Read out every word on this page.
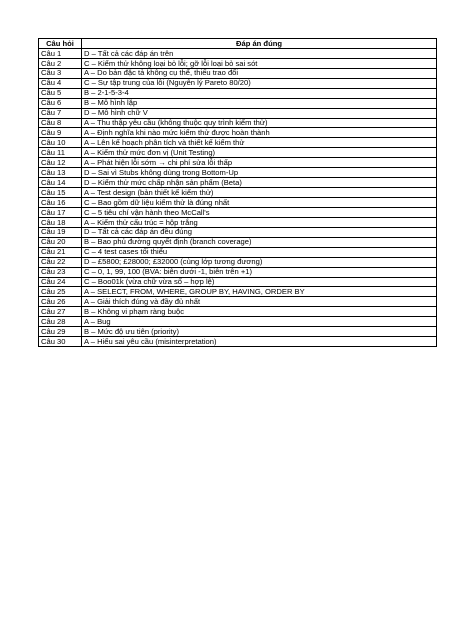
Câu hỏi	Đáp án đúng
Câu 1	D – Tất cả các đáp án trên
Câu 2	C – Kiểm thử không loại bỏ lỗi; gỡ lỗi loại bỏ sai sót
Câu 3	A – Do bản đặc tả không cụ thể, thiếu trao đổi
Câu 4	C – Sự tập trung của lỗi (Nguyên lý Pareto 80/20)
Câu 5	B – 2-1-5-3-4
Câu 6	B – Mô hình lặp
Câu 7	D – Mô hình chữ V
Câu 8	A – Thu thập yêu cầu (không thuộc quy trình kiểm thử)
Câu 9	A – Định nghĩa khi nào mức kiểm thử được hoàn thành
Câu 10	A – Lên kế hoạch phân tích và thiết kế kiểm thử
Câu 11	A – Kiểm thử mức đơn vị (Unit Testing)
Câu 12	A – Phát hiện lỗi sớm → chi phí sửa lỗi thấp
Câu 13	D – Sai vì Stubs không dùng trong Bottom-Up
Câu 14	D – Kiểm thử mức chấp nhận sản phẩm (Beta)
Câu 15	A – Test design (bản thiết kế kiểm thử)
Câu 16	C – Bao gồm dữ liệu kiểm thử là đúng nhất
Câu 17	C – 5 tiêu chí vận hành theo McCall's
Câu 18	A – Kiểm thử cấu trúc = hộp trắng
Câu 19	D – Tất cả các đáp án đều đúng
Câu 20	B – Bao phủ đường quyết định (branch coverage)
Câu 21	C – 4 test cases tối thiểu
Câu 22	D – £5800; £28000; £32000 (cùng lớp tương đương)
Câu 23	C – 0, 1, 99, 100 (BVA: biên dưới -1, biên trên +1)
Câu 24	C – Boo01k (vừa chữ vừa số – hợp lệ)
Câu 25	A – SELECT, FROM, WHERE, GROUP BY, HAVING, ORDER BY
Câu 26	A – Giải thích đúng và đầy đủ nhất
Câu 27	B – Không vi phạm ràng buộc
Câu 28	A – Bug
Câu 29	B – Mức độ ưu tiên (priority)
Câu 30	A – Hiểu sai yêu cầu (misinterpretation)
